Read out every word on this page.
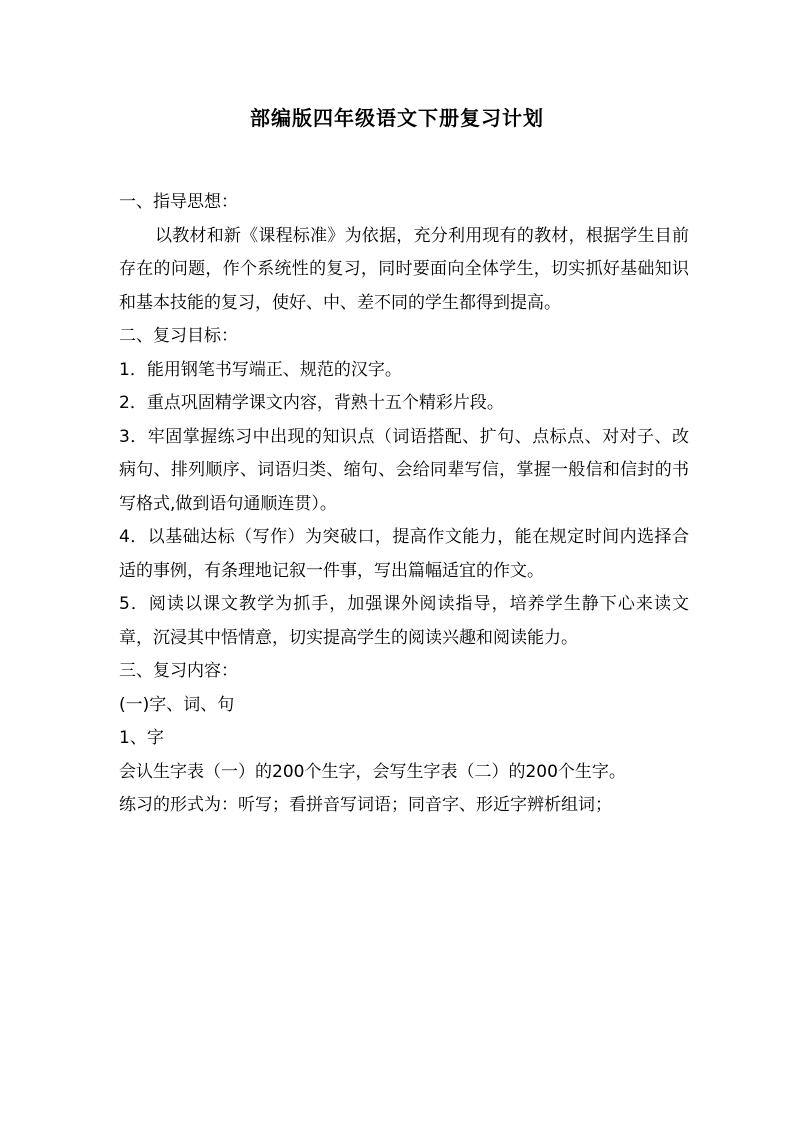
部编版四年级语文下册复习计划

一、指导思想：

以教材和新《课程标准》为依据，充分利用现有的教材，根据学生目前存在的问题，作个系统性的复习，同时要面向全体学生，切实抓好基础知识和基本技能的复习，使好、中、差不同的学生都得到提高。

二、复习目标：

1．能用钢笔书写端正、规范的汉字。

2．重点巩固精学课文内容，背熟十五个精彩片段。

3．牢固掌握练习中出现的知识点（词语搭配、扩句、点标点、对对子、改病句、排列顺序、词语归类、缩句、会给同辈写信，掌握一般信和信封的书写格式,做到语句通顺连贯）。

4．以基础达标（写作）为突破口，提高作文能力，能在规定时间内选择合适的事例，有条理地记叙一件事，写出篇幅适宜的作文。

5．阅读以课文教学为抓手，加强课外阅读指导，培养学生静下心来读文章，沉浸其中悟情意，切实提高学生的阅读兴趣和阅读能力。

三、复习内容：

(一)字、词、句

1、字

会认生字表（一）的200个生字，会写生字表（二）的200个生字。

练习的形式为：听写；看拼音写词语；同音字、形近字辨析组词；
